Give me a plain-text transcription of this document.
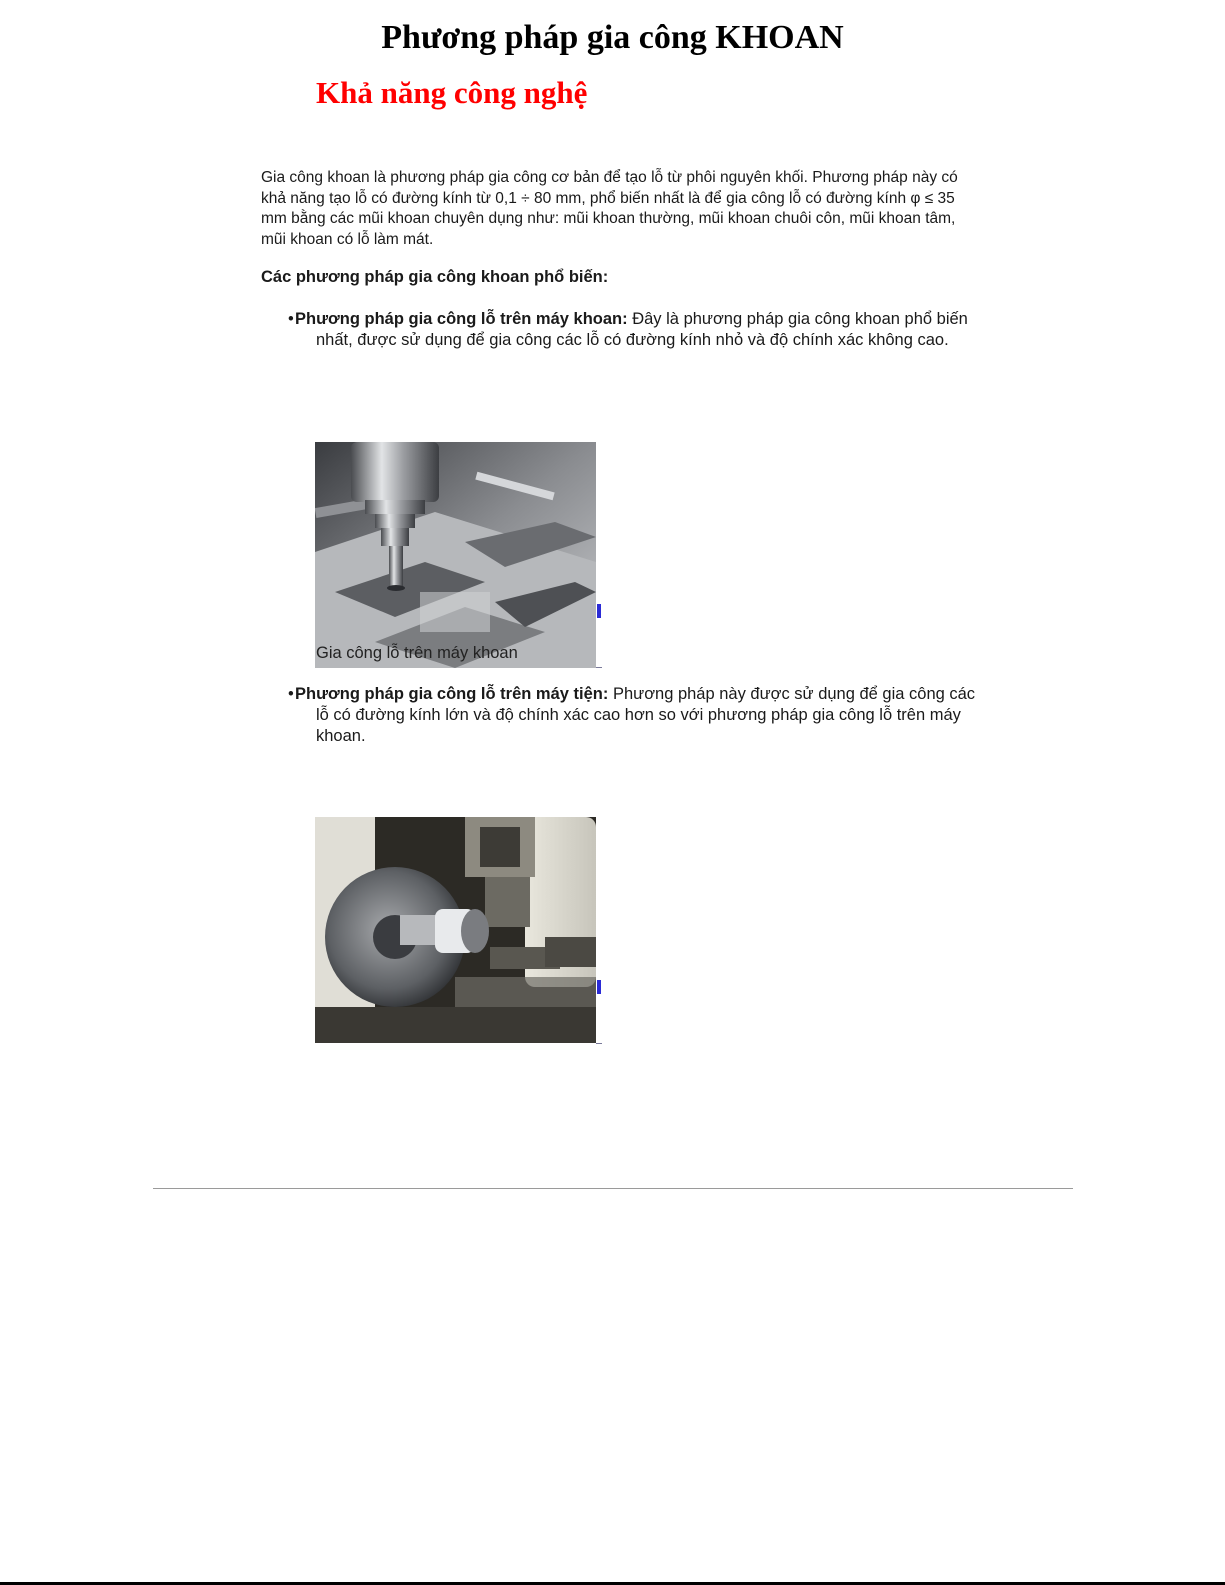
Phương pháp gia công KHOAN
Khả năng công nghệ

Gia công khoan là phương pháp gia công cơ bản để tạo lỗ từ phôi nguyên khối. Phương pháp này có khả năng tạo lỗ có đường kính từ 0,1 ÷ 80 mm, phổ biến nhất là để gia công lỗ có đường kính φ ≤ 35 mm bằng các mũi khoan chuyên dụng như: mũi khoan thường, mũi khoan chuôi côn, mũi khoan tâm, mũi khoan có lỗ làm mát.

Các phương pháp gia công khoan phổ biến:

•Phương pháp gia công lỗ trên máy khoan: Đây là phương pháp gia công khoan phổ biến nhất, được sử dụng để gia công các lỗ có đường kính nhỏ và độ chính xác không cao.

Gia công lỗ trên máy khoan

•Phương pháp gia công lỗ trên máy tiện: Phương pháp này được sử dụng để gia công các lỗ có đường kính lớn và độ chính xác cao hơn so với phương pháp gia công lỗ trên máy khoan.
